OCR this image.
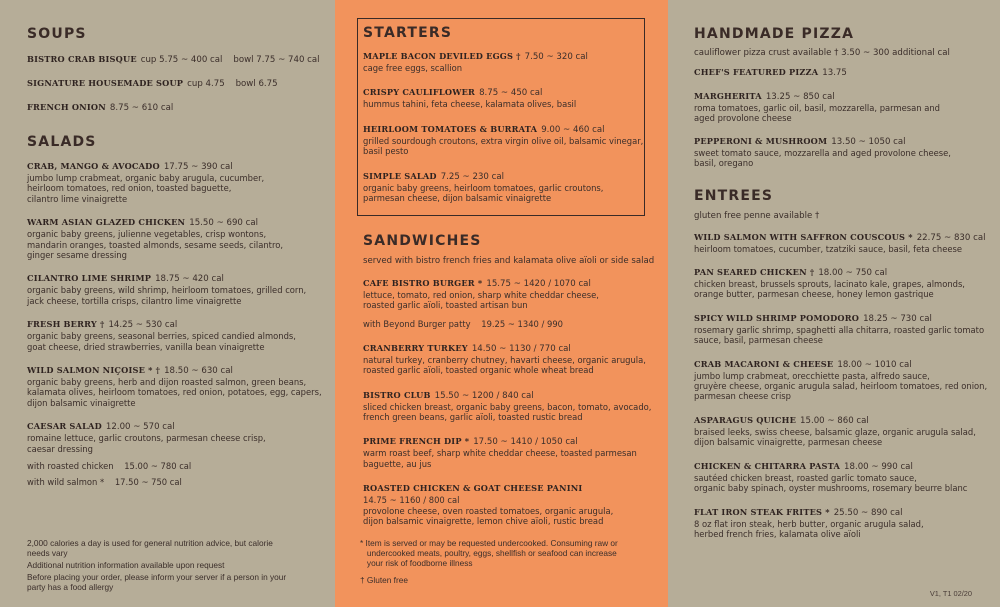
SOUPS
BISTRO CRAB BISQUE cup 5.75 ~ 400 cal    bowl 7.75 ~ 740 cal
SIGNATURE HOUSEMADE SOUP cup 4.75    bowl 6.75
FRENCH ONION 8.75 ~ 610 cal
SALADS
CRAB, MANGO & AVOCADO 17.75 ~ 390 cal
jumbo lump crabmeat, organic baby arugula, cucumber,
heirloom tomatoes, red onion, toasted baguette,
cilantro lime vinaigrette
WARM ASIAN GLAZED CHICKEN 15.50 ~ 690 cal
organic baby greens, julienne vegetables, crisp wontons,
mandarin oranges, toasted almonds, sesame seeds, cilantro,
ginger sesame dressing
CILANTRO LIME SHRIMP 18.75 ~ 420 cal
organic baby greens, wild shrimp, heirloom tomatoes, grilled corn,
jack cheese, tortilla crisps, cilantro lime vinaigrette
FRESH BERRY † 14.25 ~ 530 cal
organic baby greens, seasonal berries, spiced candied almonds,
goat cheese, dried strawberries, vanilla bean vinaigrette
WILD SALMON NIÇOISE * † 18.50 ~ 630 cal
organic baby greens, herb and dijon roasted salmon, green beans,
kalamata olives, heirloom tomatoes, red onion, potatoes, egg, capers,
dijon balsamic vinaigrette
CAESAR SALAD 12.00 ~ 570 cal
romaine lettuce, garlic croutons, parmesan cheese crisp,
caesar dressing
with roasted chicken    15.00 ~ 780 cal
with wild salmon *    17.50 ~ 750 cal
2,000 calories a day is used for general nutrition advice, but calorie
needs vary
Additional nutrition information available upon request
Before placing your order, please inform your server if a person in your
party has a food allergy
STARTERS
MAPLE BACON DEVILED EGGS † 7.50 ~ 320 cal
cage free eggs, scallion
CRISPY CAULIFLOWER 8.75 ~ 450 cal
hummus tahini, feta cheese, kalamata olives, basil
HEIRLOOM TOMATOES & BURRATA 9.00 ~ 460 cal
grilled sourdough croutons, extra virgin olive oil, balsamic vinegar,
basil pesto
SIMPLE SALAD 7.25 ~ 230 cal
organic baby greens, heirloom tomatoes, garlic croutons,
parmesan cheese, dijon balsamic vinaigrette
SANDWICHES
served with bistro french fries and kalamata olive aïoli or side salad
CAFE BISTRO BURGER * 15.75 ~ 1420 / 1070 cal
lettuce, tomato, red onion, sharp white cheddar cheese,
roasted garlic aïoli, toasted artisan bun
with Beyond Burger patty    19.25 ~ 1340 / 990
CRANBERRY TURKEY 14.50 ~ 1130 / 770 cal
natural turkey, cranberry chutney, havarti cheese, organic arugula,
roasted garlic aïoli, toasted organic whole wheat bread
BISTRO CLUB 15.50 ~ 1200 / 840 cal
sliced chicken breast, organic baby greens, bacon, tomato, avocado,
french green beans, garlic aïoli, toasted rustic bread
PRIME FRENCH DIP * 17.50 ~ 1410 / 1050 cal
warm roast beef, sharp white cheddar cheese, toasted parmesan
baguette, au jus
ROASTED CHICKEN & GOAT CHEESE PANINI
14.75 ~ 1160 / 800 cal
provolone cheese, oven roasted tomatoes, organic arugula,
dijon balsamic vinaigrette, lemon chive aïoli, rustic bread
* Item is served or may be requested undercooked. Consuming raw or
undercooked meats, poultry, eggs, shellfish or seafood can increase
your risk of foodborne illness
† Gluten free
HANDMADE PIZZA
cauliflower pizza crust available † 3.50 ~ 300 additional cal
CHEF'S FEATURED PIZZA 13.75
MARGHERITA 13.25 ~ 850 cal
roma tomatoes, garlic oil, basil, mozzarella, parmesan and
aged provolone cheese
PEPPERONI & MUSHROOM 13.50 ~ 1050 cal
sweet tomato sauce, mozzarella and aged provolone cheese,
basil, oregano
ENTREES
gluten free penne available †
WILD SALMON WITH SAFFRON COUSCOUS * 22.75 ~ 830 cal
heirloom tomatoes, cucumber, tzatziki sauce, basil, feta cheese
PAN SEARED CHICKEN † 18.00 ~ 750 cal
chicken breast, brussels sprouts, lacinato kale, grapes, almonds,
orange butter, parmesan cheese, honey lemon gastrique
SPICY WILD SHRIMP POMODORO 18.25 ~ 730 cal
rosemary garlic shrimp, spaghetti alla chitarra, roasted garlic tomato
sauce, basil, parmesan cheese
CRAB MACARONI & CHEESE 18.00 ~ 1010 cal
jumbo lump crabmeat, orecchiette pasta, alfredo sauce,
gruyère cheese, organic arugula salad, heirloom tomatoes, red onion,
parmesan cheese crisp
ASPARAGUS QUICHE 15.00 ~ 860 cal
braised leeks, swiss cheese, balsamic glaze, organic arugula salad,
dijon balsamic vinaigrette, parmesan cheese
CHICKEN & CHITARRA PASTA 18.00 ~ 990 cal
sautéed chicken breast, roasted garlic tomato sauce,
organic baby spinach, oyster mushrooms, rosemary beurre blanc
FLAT IRON STEAK FRITES * 25.50 ~ 890 cal
8 oz flat iron steak, herb butter, organic arugula salad,
herbed french fries, kalamata olive aïoli
V1, T1 02/20
